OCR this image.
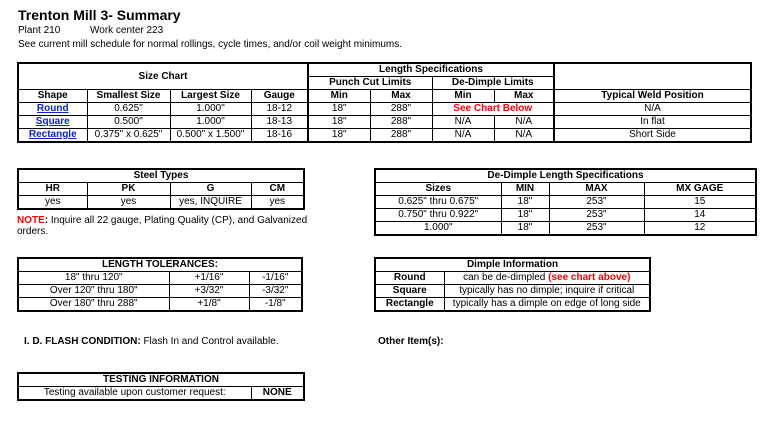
Trenton Mill 3- Summary
Plant 210	Work center 223
See current mill schedule for normal rollings, cycle times, and/or coil weight minimums.
Size Chart				Length Specifications				
				Punch Cut Limits		De-Dimple Limits		
Shape	Smallest Size	Largest Size	Gauge	Min	Max	Min	Max	Typical Weld Position
Round	0.625"	1.000"	18-12	18"	288"	See Chart Below		N/A
Square	0.500"	1.000"	18-13	18"	288"	N/A	N/A	In flat
Rectangle	0.375" x 0.625"	0.500" x 1.500"	18-16	18"	288"	N/A	N/A	Short Side
Steel Types			
HR	PK	G	CM
yes	yes	yes, INQUIRE	yes
NOTE: Inquire all 22 gauge, Plating Quality (CP), and Galvanized orders.
De-Dimple Length Specifications			
Sizes	MIN	MAX	MX GAGE
0.625" thru 0.675"	18"	253"	15
0.750" thru 0.922"	18"	253"	14
1.000"	18"	253"	12
LENGTH TOLERANCES:		
18" thru 120"	+1/16"	-1/16"
Over 120" thru 180"	+3/32"	-3/32"
Over 180" thru 288"	+1/8"	-1/8"
Dimple Information	
Round	can be de-dimpled (see chart above)
Square	typically has no dimple; inquire if critical
Rectangle	typically has a dimple on edge of long side
I. D. FLASH CONDITION: Flash In and Control available.	Other Item(s):
TESTING INFORMATION
Testing available upon customer request:	NONE
